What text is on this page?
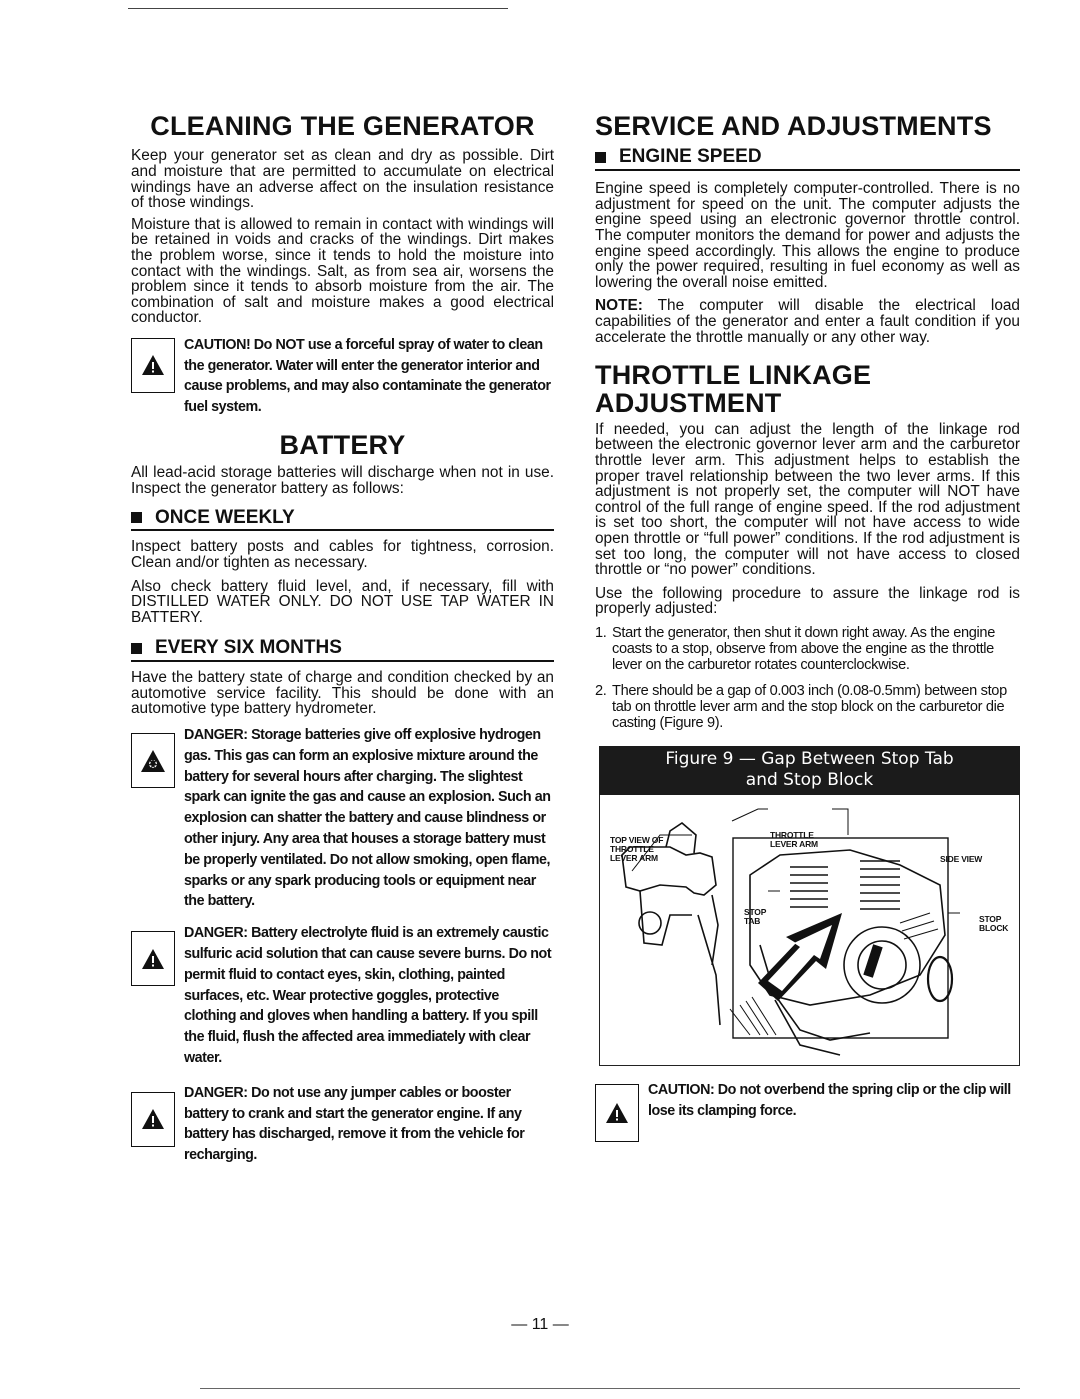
CLEANING THE GENERATOR

Keep your generator set as clean and dry as possible. Dirt and moisture that are permitted to accumulate on electrical windings have an adverse affect on the insulation resistance of those windings.

Moisture that is allowed to remain in contact with windings will be retained in voids and cracks of the windings. Dirt makes the problem worse, since it tends to hold the moisture into contact with the windings. Salt, as from sea air, worsens the problem since it tends to absorb moisture from the air. The combination of salt and moisture makes a good electrical conductor.

CAUTION! Do NOT use a forceful spray of water to clean the generator. Water will enter the generator interior and cause problems, and may also contaminate the generator fuel system.
BATTERY

All lead-acid storage batteries will discharge when not in use. Inspect the generator battery as follows:

ONCE WEEKLY

Inspect battery posts and cables for tightness, corrosion. Clean and/or tighten as necessary.

Also check battery fluid level, and, if necessary, fill with DISTILLED WATER ONLY. DO NOT USE TAP WATER IN BATTERY.

EVERY SIX MONTHS

Have the battery state of charge and condition checked by an automotive service facility. This should be done with an automotive type battery hydrometer.

DANGER: Storage batteries give off explosive hydrogen gas. This gas can form an explosive mixture around the battery for several hours after charging. The slightest spark can ignite the gas and cause an explosion. Such an explosion can shatter the battery and cause blindness or other injury. Any area that houses a storage battery must be properly ventilated. Do not allow smoking, open flame, sparks or any spark producing tools or equipment near the battery.
DANGER: Battery electrolyte fluid is an extremely caustic sulfuric acid solution that can cause severe burns. Do not permit fluid to contact eyes, skin, clothing, painted surfaces, etc. Wear protective goggles, protective clothing and gloves when handling a battery. If you spill the fluid, flush the affected area immediately with clear water.
DANGER: Do not use any jumper cables or booster battery to crank and start the generator engine. If any battery has discharged, remove it from the vehicle for recharging.
SERVICE AND ADJUSTMENTS
ENGINE SPEED

Engine speed is completely computer-controlled. There is no adjustment for speed on the unit. The computer adjusts the engine speed using an electronic governor throttle control. The computer monitors the demand for power and adjusts the engine speed accordingly. This allows the engine to produce only the power required, resulting in fuel economy as well as lowering the overall noise emitted.

NOTE: The computer will disable the electrical load capabilities of the generator and enter a fault condition if you accelerate the throttle manually or any other way.

THROTTLE LINKAGE ADJUSTMENT

If needed, you can adjust the length of the linkage rod between the electronic governor lever arm and the carburetor throttle lever arm. This adjustment helps to establish the proper travel relationship between the two lever arms. If this adjustment is not properly set, the computer will NOT have control of the full range of engine speed. If the rod adjustment is set too short, the computer will not have access to wide open throttle or “full power” conditions. If the rod adjustment is set too long, the computer will not have access to closed throttle or “no power” conditions.

Use the following procedure to assure the linkage rod is properly adjusted:

1. Start the generator, then shut it down right away. As the engine coasts to a stop, observe from above the engine as the throttle lever on the carburetor rotates counterclockwise.
2. There should be a gap of 0.003 inch (0.08-0.5mm) between stop tab on throttle lever arm and the stop block on the carburetor die casting (Figure 9).
Figure 9 — Gap Between Stop Tab
and Stop Block
TOP VIEW OF
THROTTLE
LEVER ARM
THROTTLE
LEVER ARM
SIDE VIEW
STOP
TAB	STOP
BLOCK
CAUTION: Do not overbend the spring clip or the clip will lose its clamping force.
— 11 —
